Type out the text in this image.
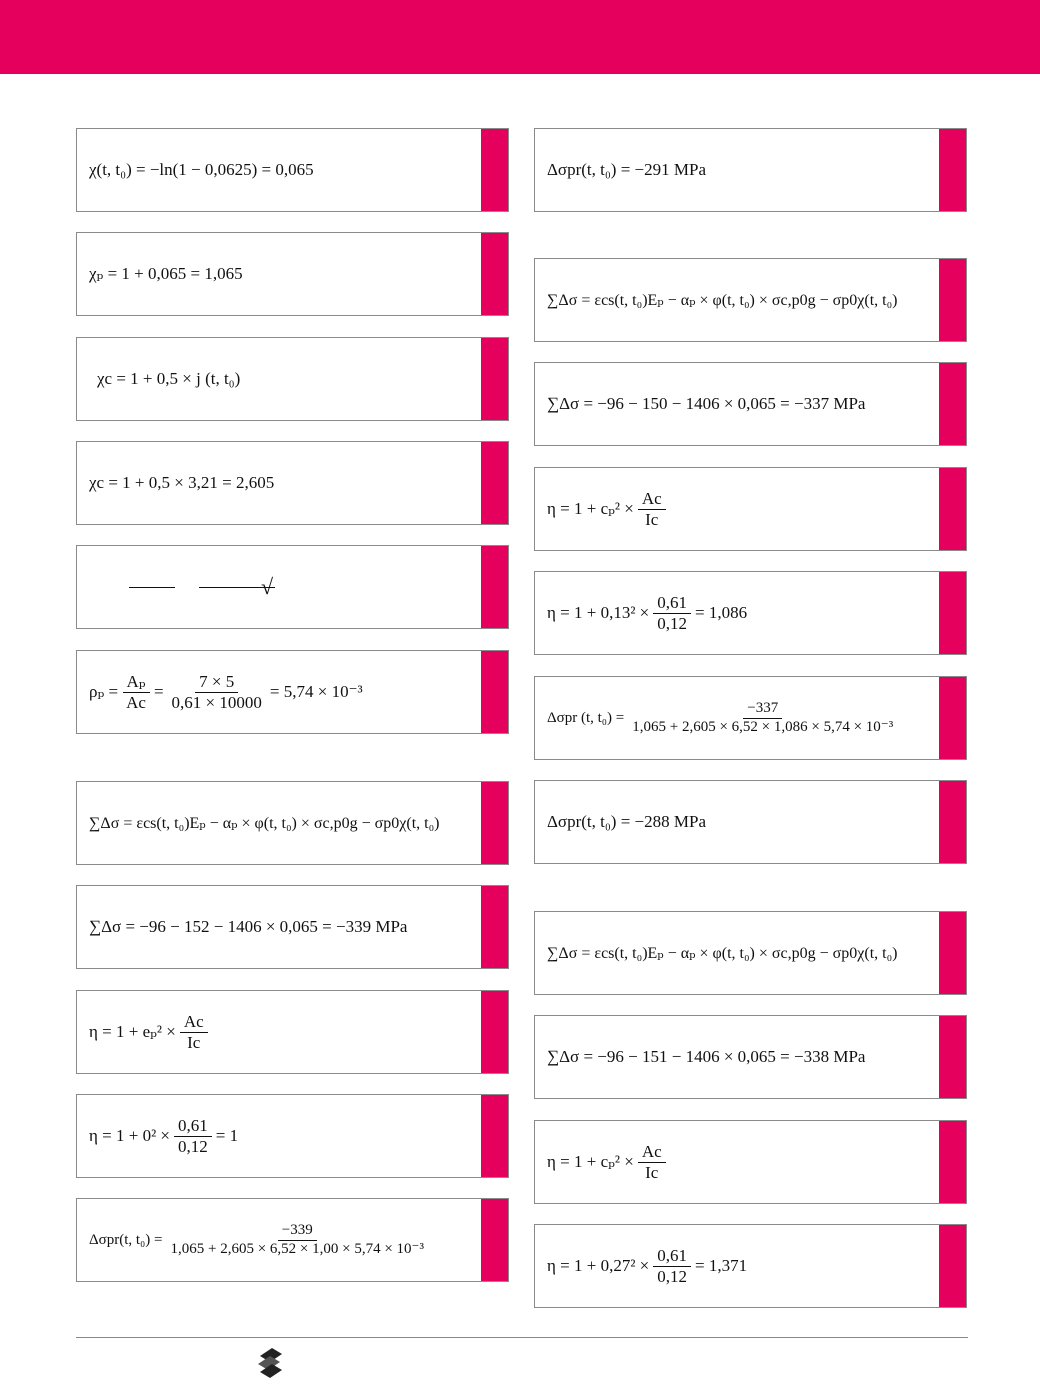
χ(t, t₀) = −ln(1 − 0,0625) = 0,065
χₚ = 1 + 0,065 = 1,065
χc = 1 + 0,5 × j (t, t₀)
χc = 1 + 0,5 × 3,21 = 2,605
√
$\rho_p = \frac{\text{Aₚ}}{Ac} = \frac{7 \times 5}{0,61 \times 10000} = 5,74 \times 10^{-3}$
∑Δσ = εcs(t, t₀)Eₚ − αₚ × φ(t, t₀) × σc,p0g − σp0χ(t, t₀)
∑Δσ = −96 − 152 − 1406 × 0,065 = −339 MPa
$\eta = 1 + e_p^2 \times \frac{Ac}{Ic}$
$\eta = 1 + 0^2 \times \frac{0,61}{0,12} = 1$
Δσpr(t, $t_0) = \frac{-339}{\text{1,065 + 2,605 × 6,52 × 1,00 × 5,74 × 10⁻³}}$
Δσpr(t, t₀) = −291 MPa
∑Δσ = εcs(t, t₀)Eₚ − αₚ × φ(t, t₀) × σc,p0g − σp0χ(t, t₀)
∑Δσ = −96 − 150 − 1406 × 0,065 = −337 MPa
$\eta = 1 + c_p^2 \times \frac{Ac}{Ic}$
$\eta = 1 + 0,13^2 \times \frac{0,61}{0,12} = 1,086$
Δσpr (t, $t_0) = \frac{-337}{\text{1,065 + 2,605 × 6,52 × 1,086 × 5,74 × 10⁻³}}$
Δσpr(t, t₀) = −288 MPa
∑Δσ = εcs(t, t₀)Eₚ − αₚ × φ(t, t₀) × σc,p0g − σp0χ(t, t₀)
∑Δσ = −96 − 151 − 1406 × 0,065 = −338 MPa
$\eta = 1 + c_p^2 \times \frac{Ac}{Ic}$
$\eta = 1 + 0,27^2 \times \frac{0,61}{0,12} = 1,371$
